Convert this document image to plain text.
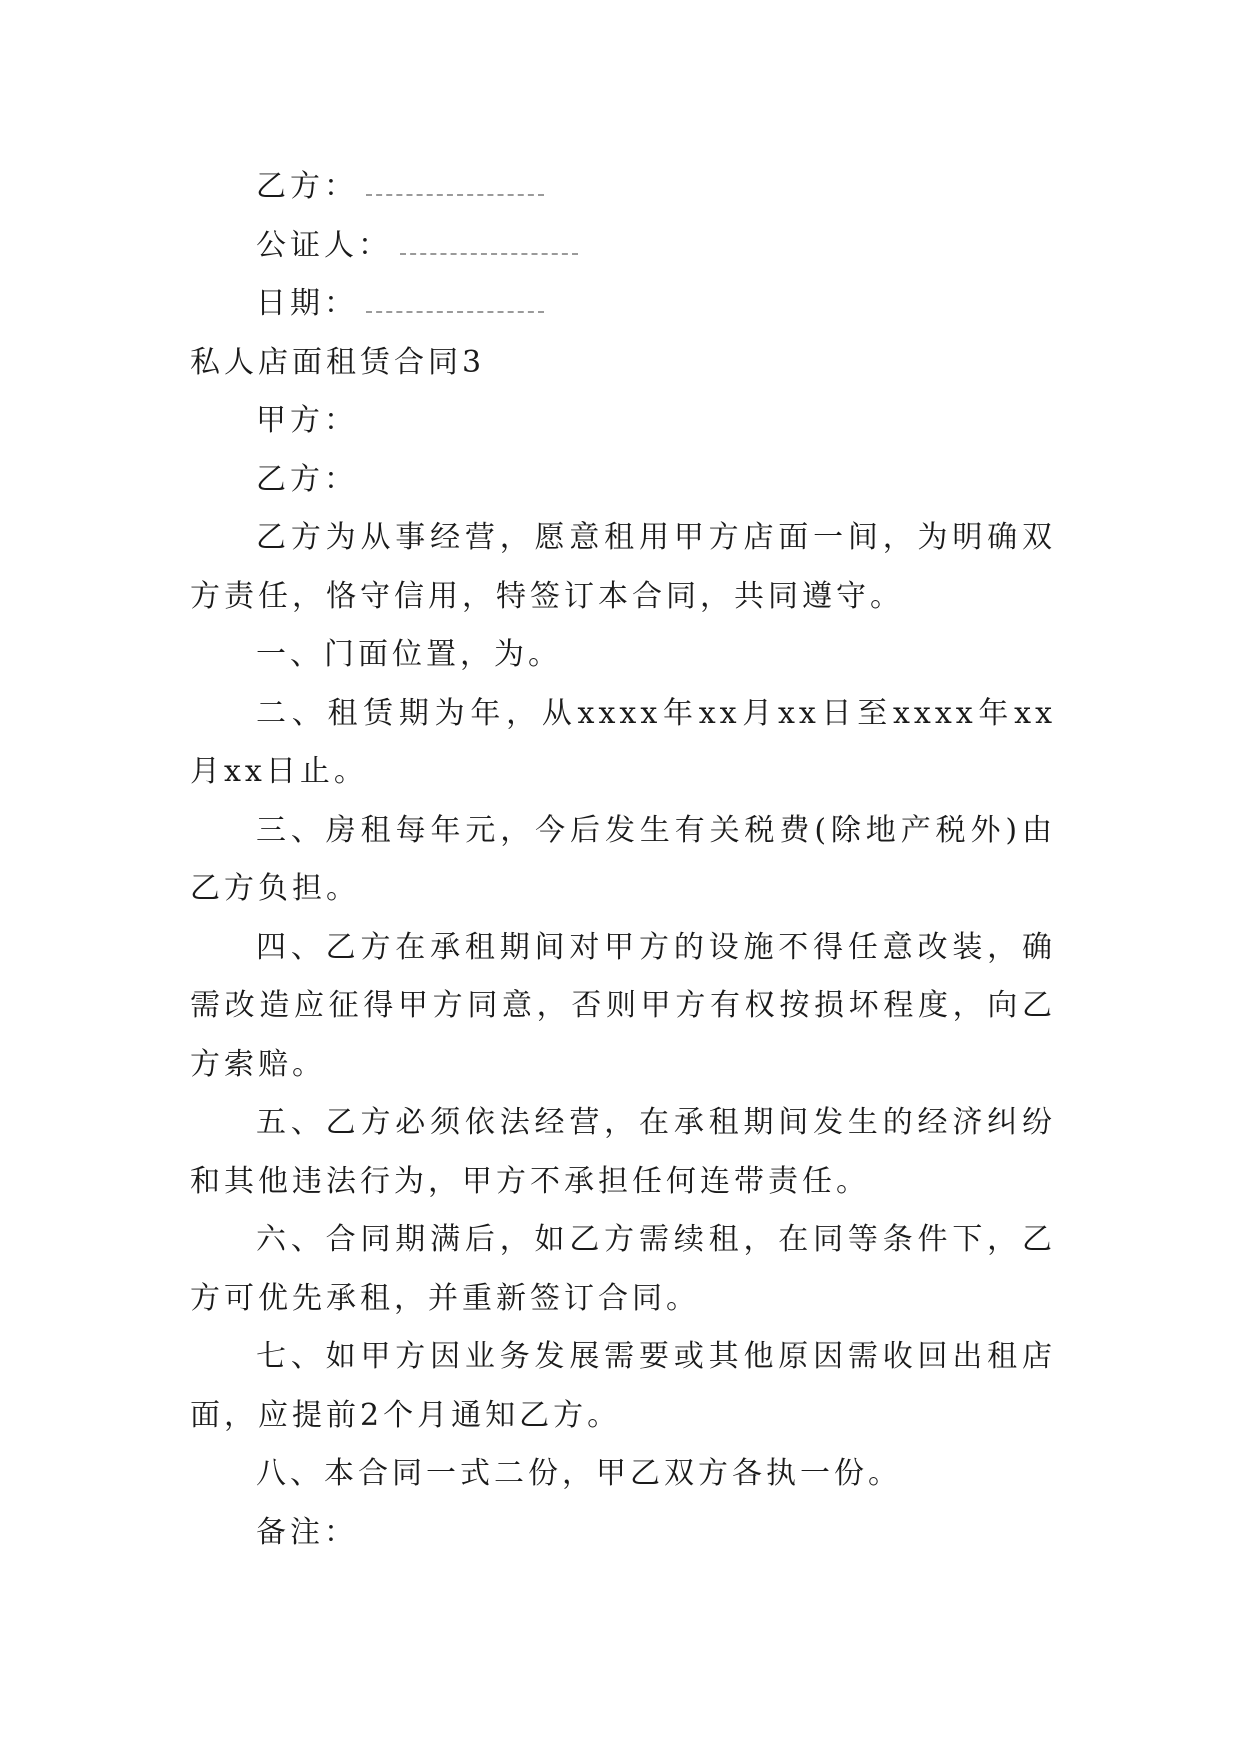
乙方：
公证人：
日期：
私人店面租赁合同3
甲方：
乙方：

乙方为从事经营，愿意租用甲方店面一间，为明确双方责任，恪守信用，特签订本合同，共同遵守。

一、门面位置，为。

二、租赁期为年，从xxxx年xx月xx日至xxxx年xx月xx日止。

三、房租每年元，今后发生有关税费(除地产税外)由乙方负担。

四、乙方在承租期间对甲方的设施不得任意改装，确需改造应征得甲方同意，否则甲方有权按损坏程度，向乙方索赔。

五、乙方必须依法经营，在承租期间发生的经济纠纷和其他违法行为，甲方不承担任何连带责任。

六、合同期满后，如乙方需续租，在同等条件下，乙方可优先承租，并重新签订合同。

七、如甲方因业务发展需要或其他原因需收回出租店面，应提前2个月通知乙方。

八、本合同一式二份，甲乙双方各执一份。

备注：
